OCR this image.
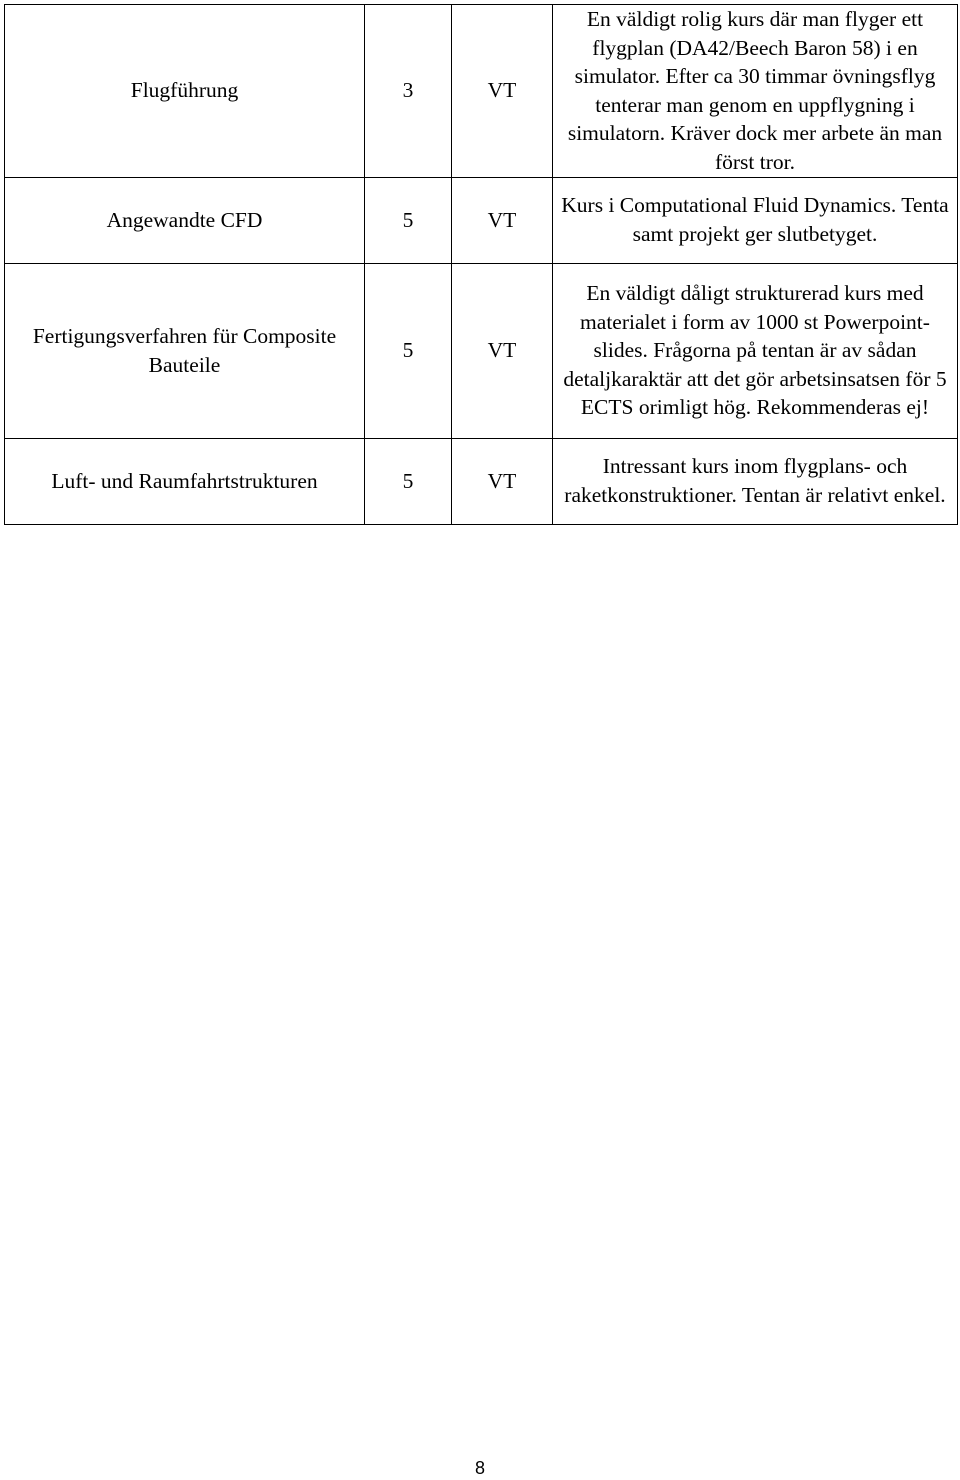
Flugführung	3	VT	En väldigt rolig kurs där man flyger ett flygplan (DA42/Beech Baron 58) i en simulator. Efter ca 30 timmar övningsflyg tenterar man genom en uppflygning i simulatorn. Kräver dock mer arbete än man först tror.
Angewandte CFD	5	VT	Kurs i Computational Fluid Dynamics. Tenta samt projekt ger slutbetyget.
Fertigungsverfahren für Composite Bauteile	5	VT	En väldigt dåligt strukturerad kurs med materialet i form av 1000 st Powerpoint-slides. Frågorna på tentan är av sådan detaljkaraktär att det gör arbetsinsatsen för 5 ECTS orimligt hög. Rekommenderas ej!
Luft- und Raumfahrtstrukturen	5	VT	Intressant kurs inom flygplans- och raketkonstruktioner. Tentan är relativt enkel.
8
